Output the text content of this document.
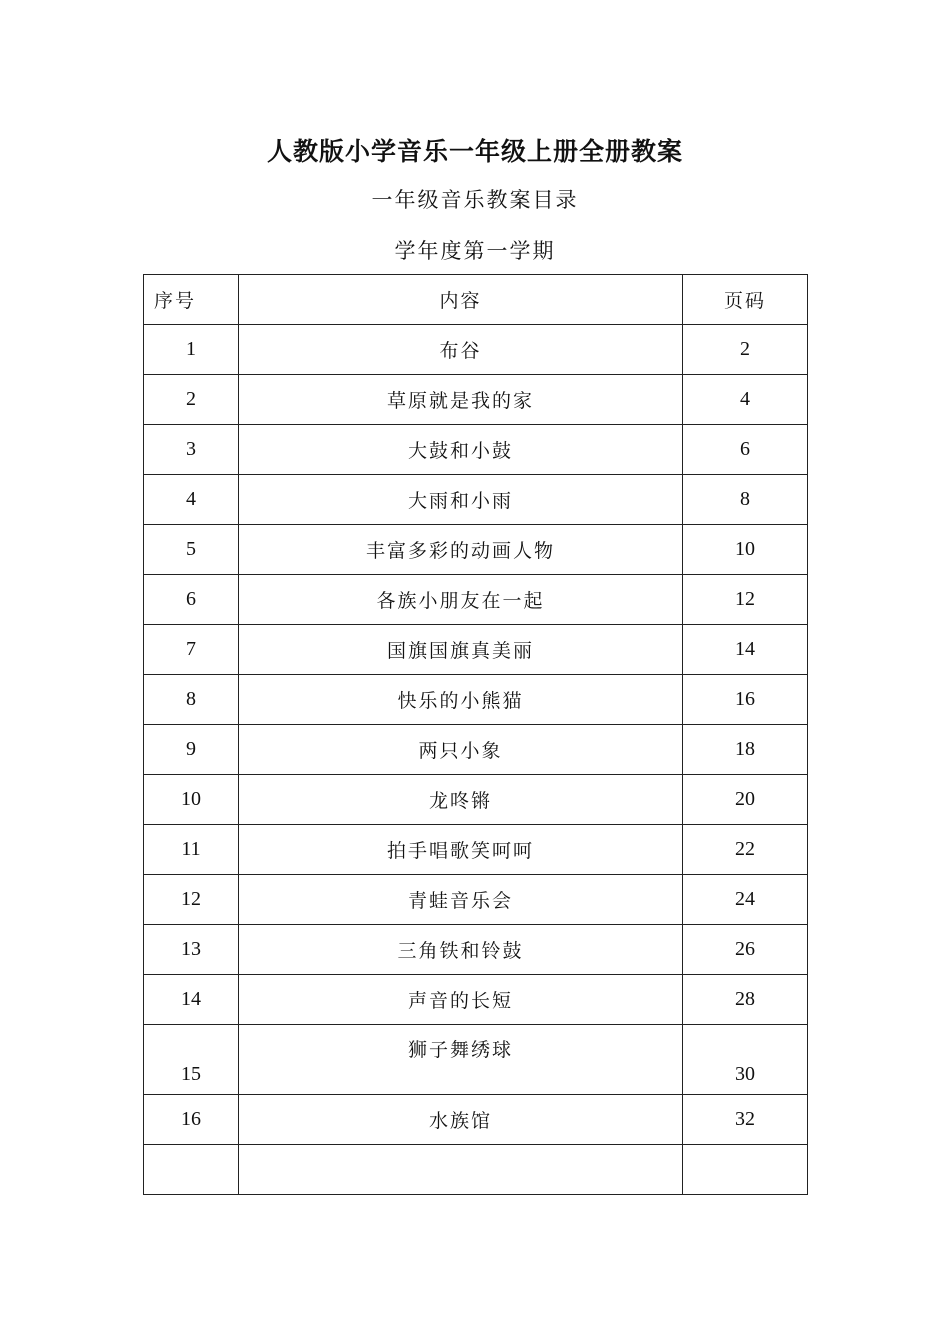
人教版小学音乐一年级上册全册教案
一年级音乐教案目录
学年度第一学期
序号	内容	页码
1	布谷	2
2	草原就是我的家	4
3	大鼓和小鼓	6
4	大雨和小雨	8
5	丰富多彩的动画人物	10
6	各族小朋友在一起	12
7	国旗国旗真美丽	14
8	快乐的小熊猫	16
9	两只小象	18
10	龙咚锵	20
11	拍手唱歌笑呵呵	22
12	青蛙音乐会	24
13	三角铁和铃鼓	26
14	声音的长短	28
15	狮子舞绣球	30
16	水族馆	32
